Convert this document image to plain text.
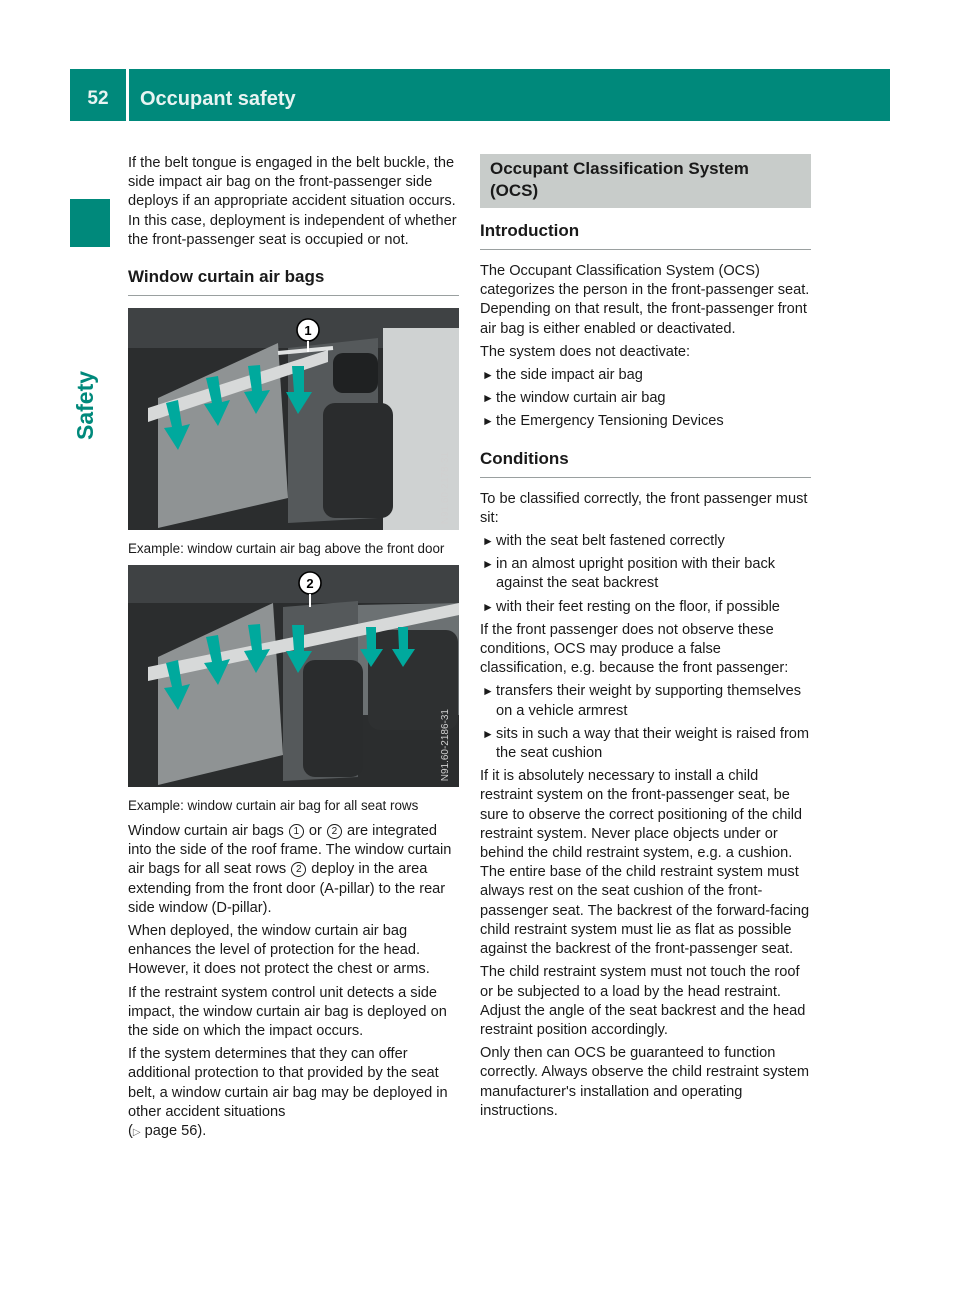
52	Occupant safety
Safety

If the belt tongue is engaged in the belt buckle, the side impact air bag on the front-passenger side deploys if an appropriate accident situation occurs. In this case, deployment is independent of whether the front-passenger seat is occupied or not.

Window curtain air bags
1
N91.60-2178-31
Example: window curtain air bag above the front door
2
N91.60-2186-31
Example: window curtain air bag for all seat rows

Window curtain air bags 1 or 2 are integrated into the side of the roof frame. The window curtain air bags for all seat rows 2 deploy in the area extending from the front door (A-pillar) to the rear side window (D-pillar).

When deployed, the window curtain air bag enhances the level of protection for the head. However, it does not protect the chest or arms.

If the restraint system control unit detects a side impact, the window curtain air bag is deployed on the side on which the impact occurs.

If the system determines that they can offer additional protection to that provided by the seat belt, a window curtain air bag may be deployed in other accident situations
(▷ page 56).

Occupant Classification System (OCS)
Introduction

The Occupant Classification System (OCS) categorizes the person in the front-passenger seat. Depending on that result, the front-passenger front air bag is either enabled or deactivated.

The system does not deactivate:

► the side impact air bag
► the window curtain air bag
► the Emergency Tensioning Devices
Conditions

To be classified correctly, the front passenger must sit:

► with the seat belt fastened correctly
► in an almost upright position with their back against the seat backrest
► with their feet resting on the floor, if possible

If the front passenger does not observe these conditions, OCS may produce a false classification, e.g. because the front passenger:

► transfers their weight by supporting themselves on a vehicle armrest
► sits in such a way that their weight is raised from the seat cushion

If it is absolutely necessary to install a child restraint system on the front-passenger seat, be sure to observe the correct positioning of the child restraint system. Never place objects under or behind the child restraint system, e.g. a cushion. The entire base of the child restraint system must always rest on the seat cushion of the front-passenger seat. The backrest of the forward-facing child restraint system must lie as flat as possible against the backrest of the front-passenger seat.

The child restraint system must not touch the roof or be subjected to a load by the head restraint. Adjust the angle of the seat backrest and the head restraint position accordingly.

Only then can OCS be guaranteed to function correctly. Always observe the child restraint system manufacturer's installation and operating instructions.
